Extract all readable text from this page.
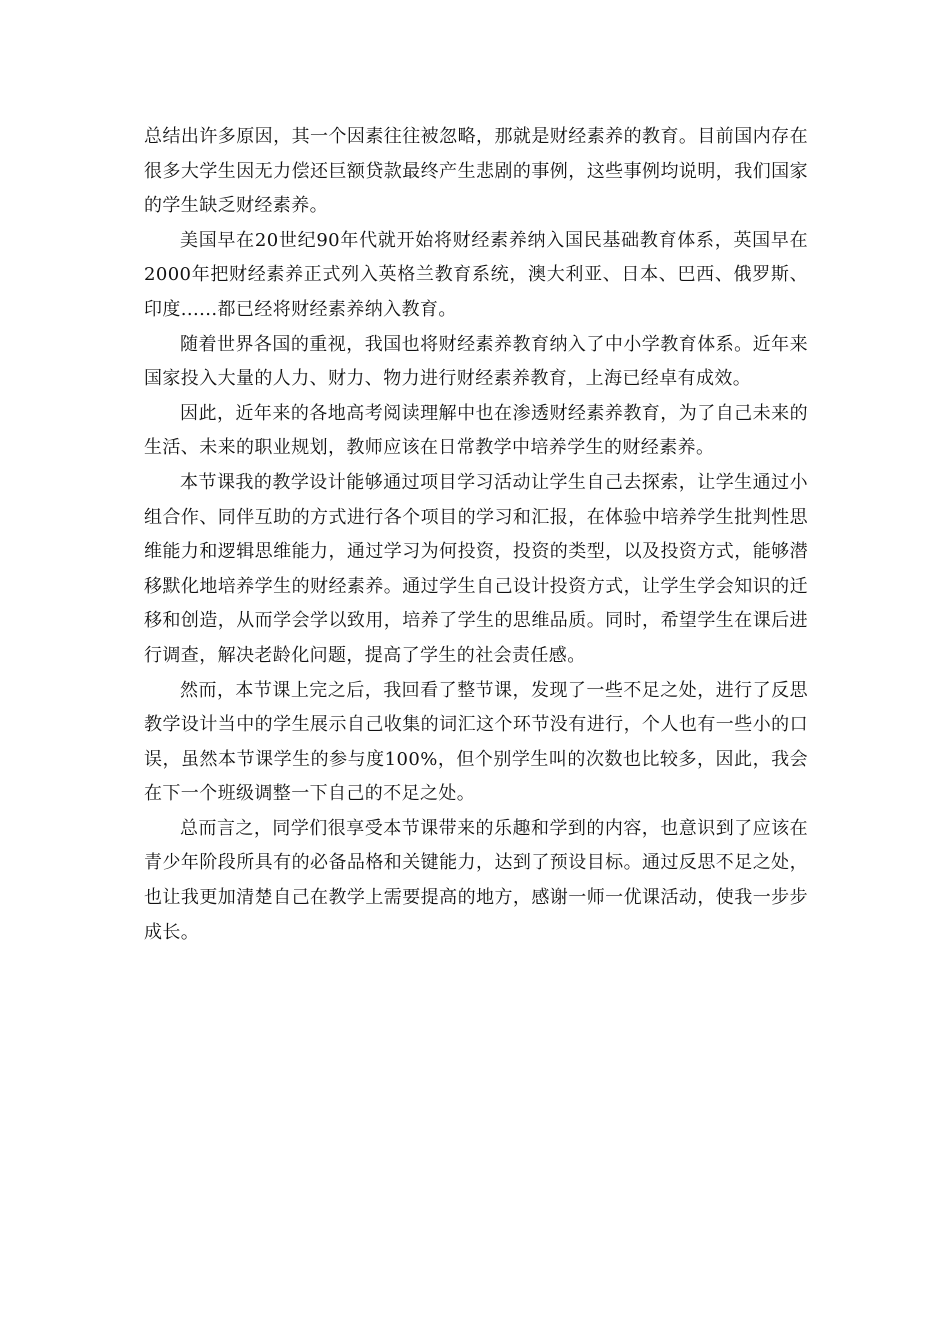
总结出许多原因，其一个因素往往被忽略，那就是财经素养的教育。目前国内存在很多大学生因无力偿还巨额贷款最终产生悲剧的事例，这些事例均说明，我们国家的学生缺乏财经素养。

美国早在20世纪90年代就开始将财经素养纳入国民基础教育体系，英国早在2000年把财经素养正式列入英格兰教育系统，澳大利亚、日本、巴西、俄罗斯、印度......都已经将财经素养纳入教育。

随着世界各国的重视，我国也将财经素养教育纳入了中小学教育体系。近年来国家投入大量的人力、财力、物力进行财经素养教育，上海已经卓有成效。

因此，近年来的各地高考阅读理解中也在渗透财经素养教育，为了自己未来的生活、未来的职业规划，教师应该在日常教学中培养学生的财经素养。

本节课我的教学设计能够通过项目学习活动让学生自己去探索，让学生通过小组合作、同伴互助的方式进行各个项目的学习和汇报，在体验中培养学生批判性思维能力和逻辑思维能力，通过学习为何投资，投资的类型，以及投资方式，能够潜移默化地培养学生的财经素养。通过学生自己设计投资方式，让学生学会知识的迁移和创造，从而学会学以致用，培养了学生的思维品质。同时，希望学生在课后进行调查，解决老龄化问题，提高了学生的社会责任感。

然而，本节课上完之后，我回看了整节课，发现了一些不足之处，进行了反思教学设计当中的学生展示自己收集的词汇这个环节没有进行，个人也有一些小的口误，虽然本节课学生的参与度100%，但个别学生叫的次数也比较多，因此，我会在下一个班级调整一下自己的不足之处。

总而言之，同学们很享受本节课带来的乐趣和学到的内容，也意识到了应该在青少年阶段所具有的必备品格和关键能力，达到了预设目标。通过反思不足之处，也让我更加清楚自己在教学上需要提高的地方，感谢一师一优课活动，使我一步步成长。
